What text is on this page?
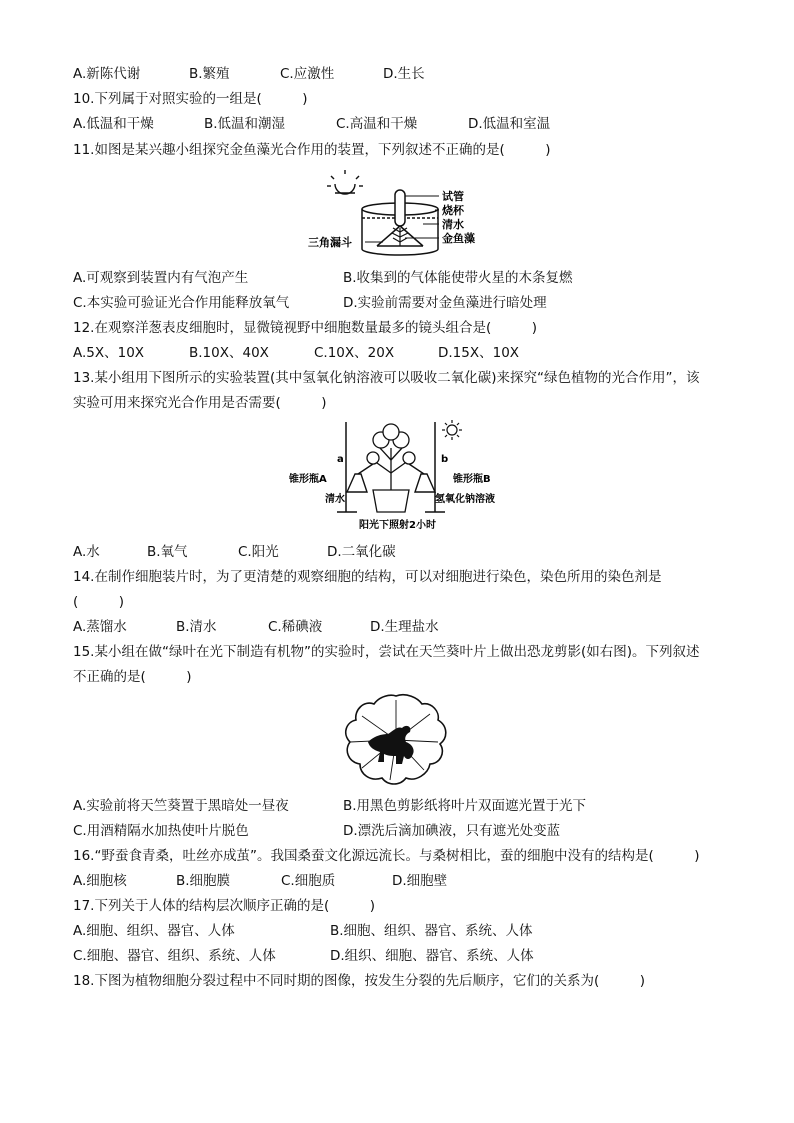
A.新陈代谢	B.繁殖	C.应激性	D.生长
10.下列属于对照实验的一组是(　　　)
A.低温和干燥	B.低温和潮湿	C.高温和干燥	D.低温和室温
11.如图是某兴趣小组探究金鱼藻光合作用的装置，下列叙述不正确的是(　　　)
试管
烧杯
清水
金鱼藻
三角漏斗
A.可观察到装置内有气泡产生	B.收集到的气体能使带火星的木条复燃
C.本实验可验证光合作用能释放氧气	D.实验前需要对金鱼藻进行暗处理
12.在观察洋葱表皮细胞时，显微镜视野中细胞数量最多的镜头组合是(　　　)
A.5X、10X	B.10X、40X	C.10X、20X	D.15X、10X
13.某小组用下图所示的实验装置(其中氢氧化钠溶液可以吸收二氧化碳)来探究“绿色植物的光合作用”，该
实验可用来探究光合作用是否需要(　　　)
a	b
锥形瓶A	锥形瓶B
清水	氢氧化钠溶液
阳光下照射2小时
A.水	B.氧气	C.阳光	D.二氧化碳
14.在制作细胞装片时，为了更清楚的观察细胞的结构，可以对细胞进行染色，染色所用的染色剂是
(　　　)
A.蒸馏水	B.清水	C.稀碘液	D.生理盐水
15.某小组在做“绿叶在光下制造有机物”的实验时，尝试在天竺葵叶片上做出恐龙剪影(如右图)。下列叙述
不正确的是(　　　)
A.实验前将天竺葵置于黑暗处一昼夜	B.用黑色剪影纸将叶片双面遮光置于光下
C.用酒精隔水加热使叶片脱色	D.漂洗后滴加碘液，只有遮光处变蓝
16.“野蚕食青桑，吐丝亦成茧”。我国桑蚕文化源远流长。与桑树相比，蚕的细胞中没有的结构是(　　　)
A.细胞核	B.细胞膜	C.细胞质	D.细胞壁
17.下列关于人体的结构层次顺序正确的是(　　　)
A.细胞、组织、器官、人体	B.细胞、组织、器官、系统、人体
C.细胞、器官、组织、系统、人体	D.组织、细胞、器官、系统、人体
18.下图为植物细胞分裂过程中不同时期的图像，按发生分裂的先后顺序，它们的关系为(　　　)
